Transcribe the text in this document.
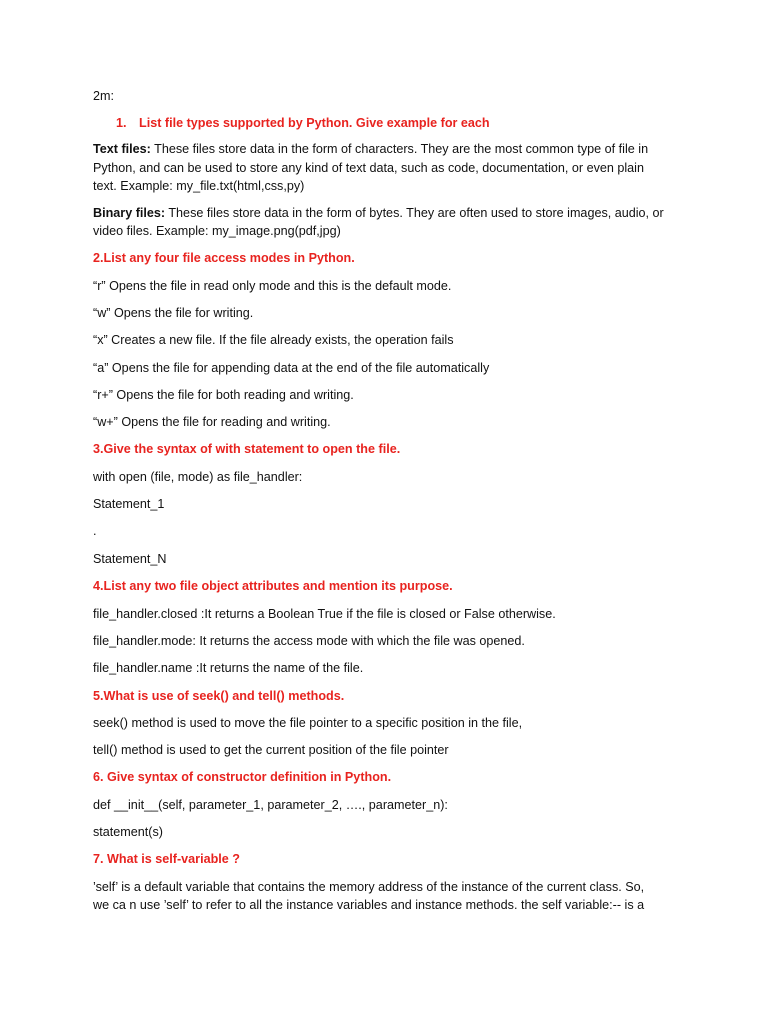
2m:
1. List file types supported by Python. Give example for each
Text files: These files store data in the form of characters. They are the most common type of file in
Python, and can be used to store any kind of text data, such as code, documentation, or even plain
text. Example: my_file.txt(html,css,py)
Binary files: These files store data in the form of bytes. They are often used to store images, audio, or
video files. Example: my_image.png(pdf,jpg)
2.List any four file access modes in Python.
“r” Opens the file in read only mode and this is the default mode.
“w” Opens the file for writing.
“x” Creates a new file. If the file already exists, the operation fails
“a” Opens the file for appending data at the end of the file automatically
“r+” Opens the file for both reading and writing.
“w+” Opens the file for reading and writing.
3.Give the syntax of with statement to open the file.
with open (file, mode) as file_handler:
Statement_1
.
Statement_N
4.List any two file object attributes and mention its purpose.
file_handler.closed :It returns a Boolean True if the file is closed or False otherwise.
file_handler.mode: It returns the access mode with which the file was opened.
file_handler.name :It returns the name of the file.
5.What is use of seek() and tell() methods.
seek() method is used to move the file pointer to a specific position in the file,
tell() method is used to get the current position of the file pointer
6. Give syntax of constructor definition in Python.
def __init__(self, parameter_1, parameter_2, …., parameter_n):
statement(s)
7. What is self-variable ?
’self’ is a default variable that contains the memory address of the instance of the current class. So,
we ca n use ’self’ to refer to all the instance variables and instance methods. the self variable:-- is a
